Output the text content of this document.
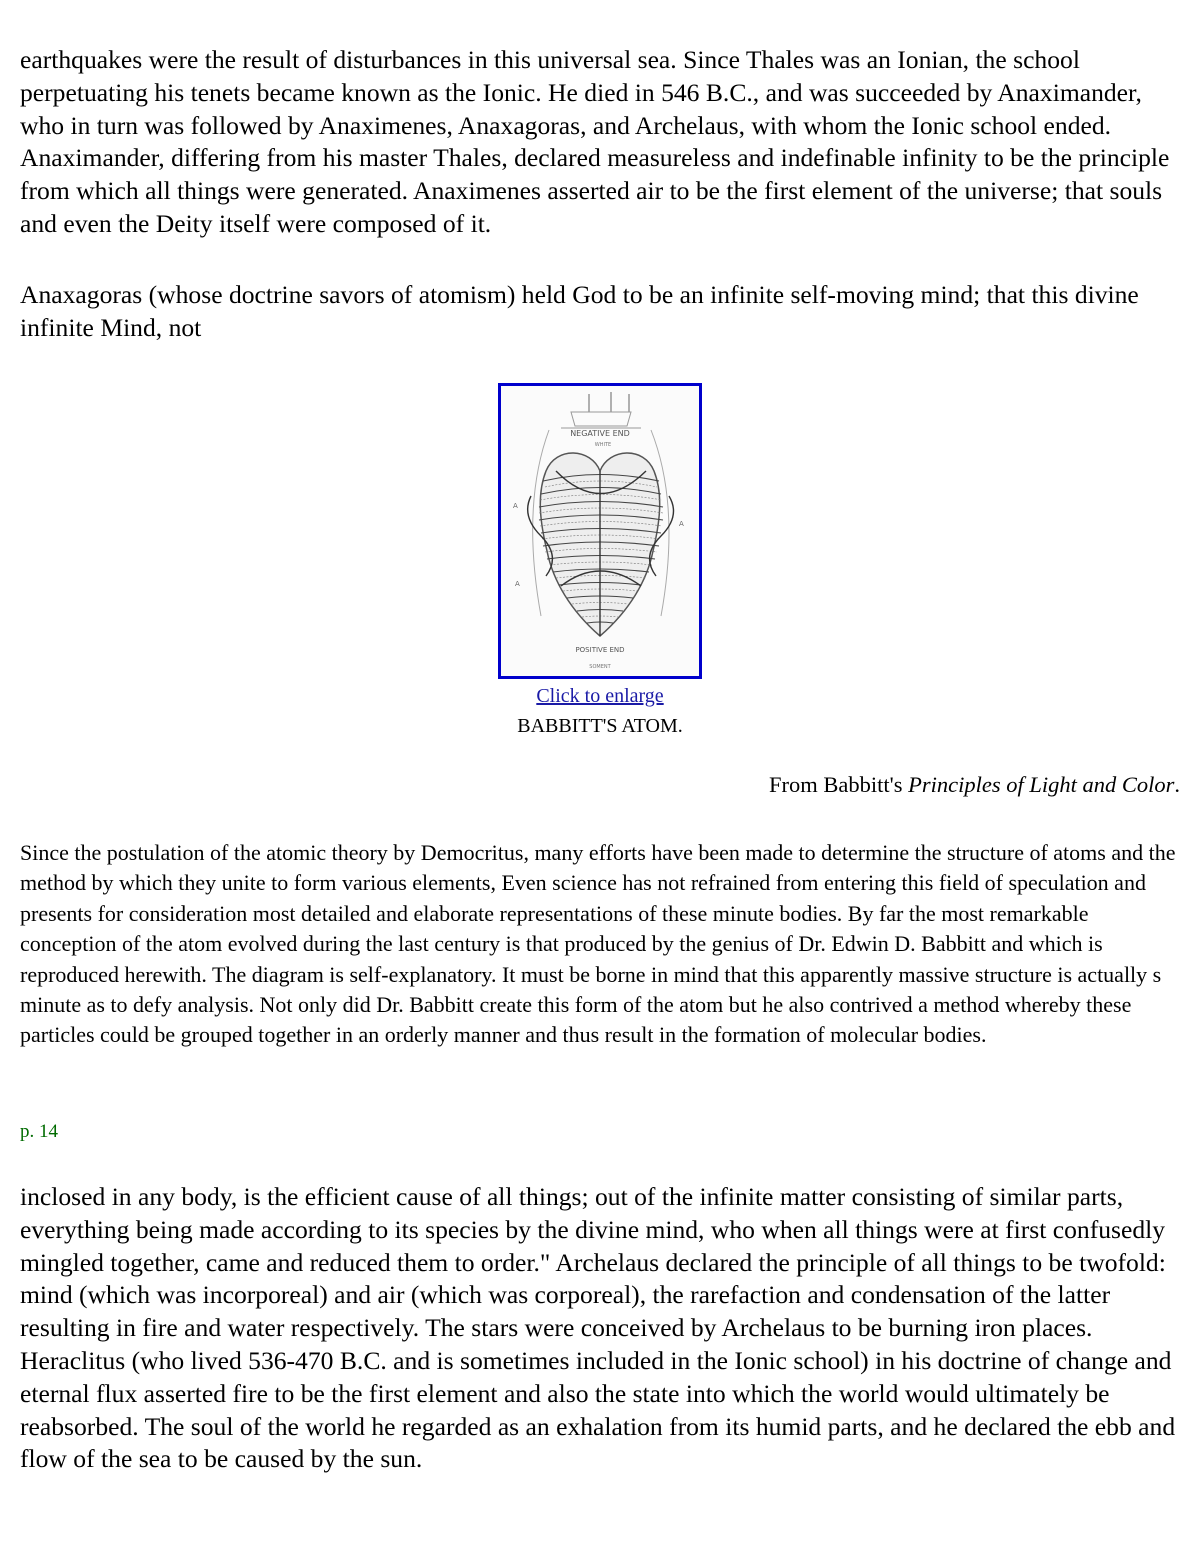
earthquakes were the result of disturbances in this universal sea. Since Thales was an Ionian, the school perpetuating his tenets became known as the Ionic. He died in 546 B.C., and was succeeded by Anaximander, who in turn was followed by Anaximenes, Anaxagoras, and Archelaus, with whom the Ionic school ended. Anaximander, differing from his master Thales, declared measureless and indefinable infinity to be the principle from which all things were generated. Anaximenes asserted air to be the first element of the universe; that souls and even the Deity itself were composed of it.

Anaxagoras (whose doctrine savors of atomism) held God to be an infinite self-moving mind; that this divine infinite Mind, not

NEGATIVE END
WHITE
A
A
A
POSITIVE END
SOMENT
Click to enlarge
BABBITT'S ATOM.
From Babbitt's Principles of Light and Color.

Since the postulation of the atomic theory by Democritus, many efforts have been made to determine the structure of atoms and the method by which they unite to form various elements, Even science has not refrained from entering this field of speculation and presents for consideration most detailed and elaborate representations of these minute bodies. By far the most remarkable conception of the atom evolved during the last century is that produced by the genius of Dr. Edwin D. Babbitt and which is reproduced herewith. The diagram is self-explanatory. It must be borne in mind that this apparently massive structure is actually s minute as to defy analysis. Not only did Dr. Babbitt create this form of the atom but he also contrived a method whereby these particles could be grouped together in an orderly manner and thus result in the formation of molecular bodies.

p. 14

inclosed in any body, is the efficient cause of all things; out of the infinite matter consisting of similar parts, everything being made according to its species by the divine mind, who when all things were at first confusedly mingled together, came and reduced them to order." Archelaus declared the principle of all things to be twofold: mind (which was incorporeal) and air (which was corporeal), the rarefaction and condensation of the latter resulting in fire and water respectively. The stars were conceived by Archelaus to be burning iron places. Heraclitus (who lived 536-470 B.C. and is sometimes included in the Ionic school) in his doctrine of change and eternal flux asserted fire to be the first element and also the state into which the world would ultimately be reabsorbed. The soul of the world he regarded as an exhalation from its humid parts, and he declared the ebb and flow of the sea to be caused by the sun.
